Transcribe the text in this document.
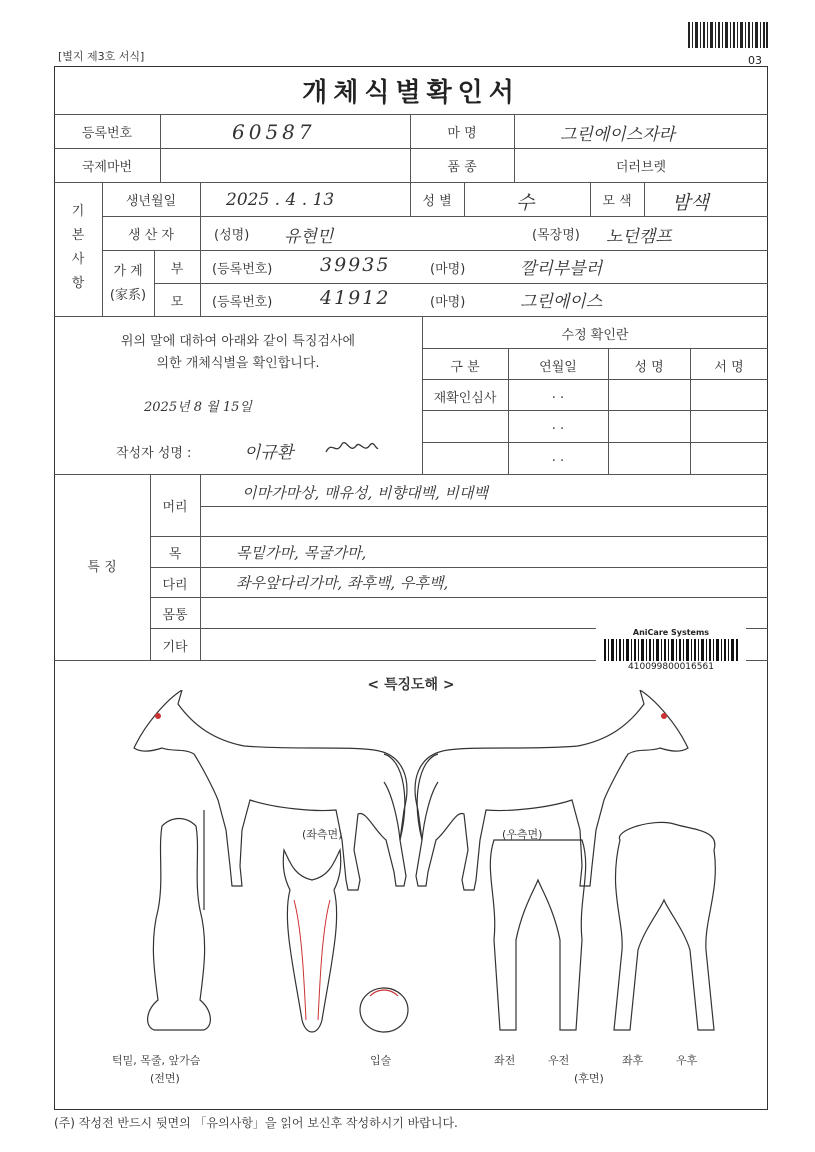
[별지 제3호 서식]	03
개체식별확인서
등록번호	60587	마 명	그린에이스자라
국제마번	품 종	더러브렛
기본사항
생년월일	2025 . 4 . 13	성 별	수	모 색	밤색
생 산 자	(성명) 유현민	(목장명) 노던캠프
가 계
(家系)
부	(등록번호)	39935	(마명)	깔리부블러
모	(등록번호)	41912	(마명)	그린에이스
위의 말에 대하여 아래와 같이 특징검사에
의한 개체식별을 확인합니다.
2025년 8 월 15일
작성자 성명 :	이규환
수정 확인란
구 분	연월일	성 명	서 명
재확인심사	. .
. .
. .
특 징
머리
이마가마상, 매유성, 비향대백, 비대백
목	목밑가마, 목굴가마,
다리	좌우앞다리가마, 좌후백, 우후백,
몸통
기타
AniCare Systems
410099800016561
< 특징도해 >
(좌측면)	(우측면)
턱밑, 목줄, 앞가슴
(전면)
입술	좌전	우전	좌후	우후
(후면)
(주) 작성전 반드시 뒷면의 「유의사항」을 읽어 보신후 작성하시기 바랍니다.
